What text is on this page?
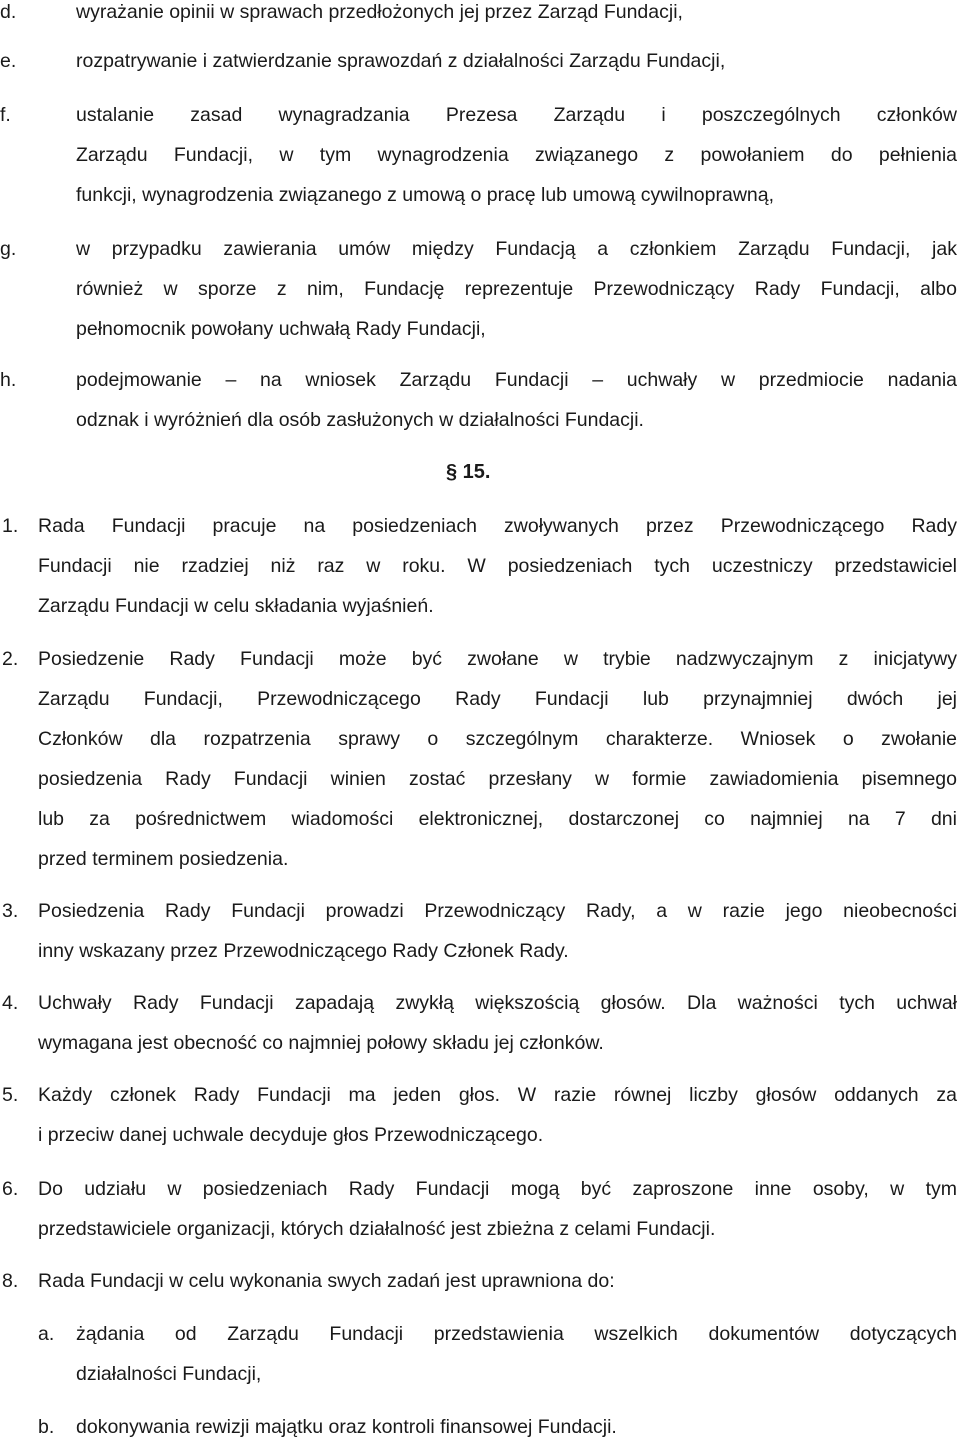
d.	wyrażanie opinii w sprawach przedłożonych jej przez Zarząd Fundacji,
e.	rozpatrywanie i zatwierdzanie sprawozdań z działalności Zarządu Fundacji,
f.	ustalanie zasad wynagradzania Prezesa Zarządu i poszczególnych członków
Zarządu Fundacji, w tym wynagrodzenia związanego z powołaniem do pełnienia
funkcji, wynagrodzenia związanego z umową o pracę lub umową cywilnoprawną,
g.	w przypadku zawierania umów między Fundacją a członkiem Zarządu Fundacji, jak
również w sporze z nim, Fundację reprezentuje Przewodniczący Rady Fundacji, albo
pełnomocnik powołany uchwałą Rady Fundacji,
h.	podejmowanie – na wniosek Zarządu Fundacji – uchwały w przedmiocie nadania
odznak i wyróżnień dla osób zasłużonych w działalności Fundacji.
§ 15.
1. Rada Fundacji pracuje na posiedzeniach zwoływanych przez Przewodniczącego Rady
Fundacji nie rzadziej niż raz w roku. W posiedzeniach tych uczestniczy przedstawiciel
Zarządu Fundacji w celu składania wyjaśnień.
2. Posiedzenie Rady Fundacji może być zwołane w trybie nadzwyczajnym z inicjatywy
Zarządu Fundacji, Przewodniczącego Rady Fundacji lub przynajmniej dwóch jej
Członków dla rozpatrzenia sprawy o szczególnym charakterze. Wniosek o zwołanie
posiedzenia Rady Fundacji winien zostać przesłany w formie zawiadomienia pisemnego
lub za pośrednictwem wiadomości elektronicznej, dostarczonej co najmniej na 7 dni
przed terminem posiedzenia.
3. Posiedzenia Rady Fundacji prowadzi Przewodniczący Rady, a w razie jego nieobecności
inny wskazany przez Przewodniczącego Rady Członek Rady.
4. Uchwały Rady Fundacji zapadają zwykłą większością głosów. Dla ważności tych uchwał
wymagana jest obecność co najmniej połowy składu jej członków.
5. Każdy członek Rady Fundacji ma jeden głos. W razie równej liczby głosów oddanych za
i przeciw danej uchwale decyduje głos Przewodniczącego.
6. Do udziału w posiedzeniach Rady Fundacji mogą być zaproszone inne osoby, w tym
przedstawiciele organizacji, których działalność jest zbieżna z celami Fundacji.
8. Rada Fundacji w celu wykonania swych zadań jest uprawniona do:
a. żądania od Zarządu Fundacji przedstawienia wszelkich dokumentów dotyczących
działalności Fundacji,
b. dokonywania rewizji majątku oraz kontroli finansowej Fundacji.
